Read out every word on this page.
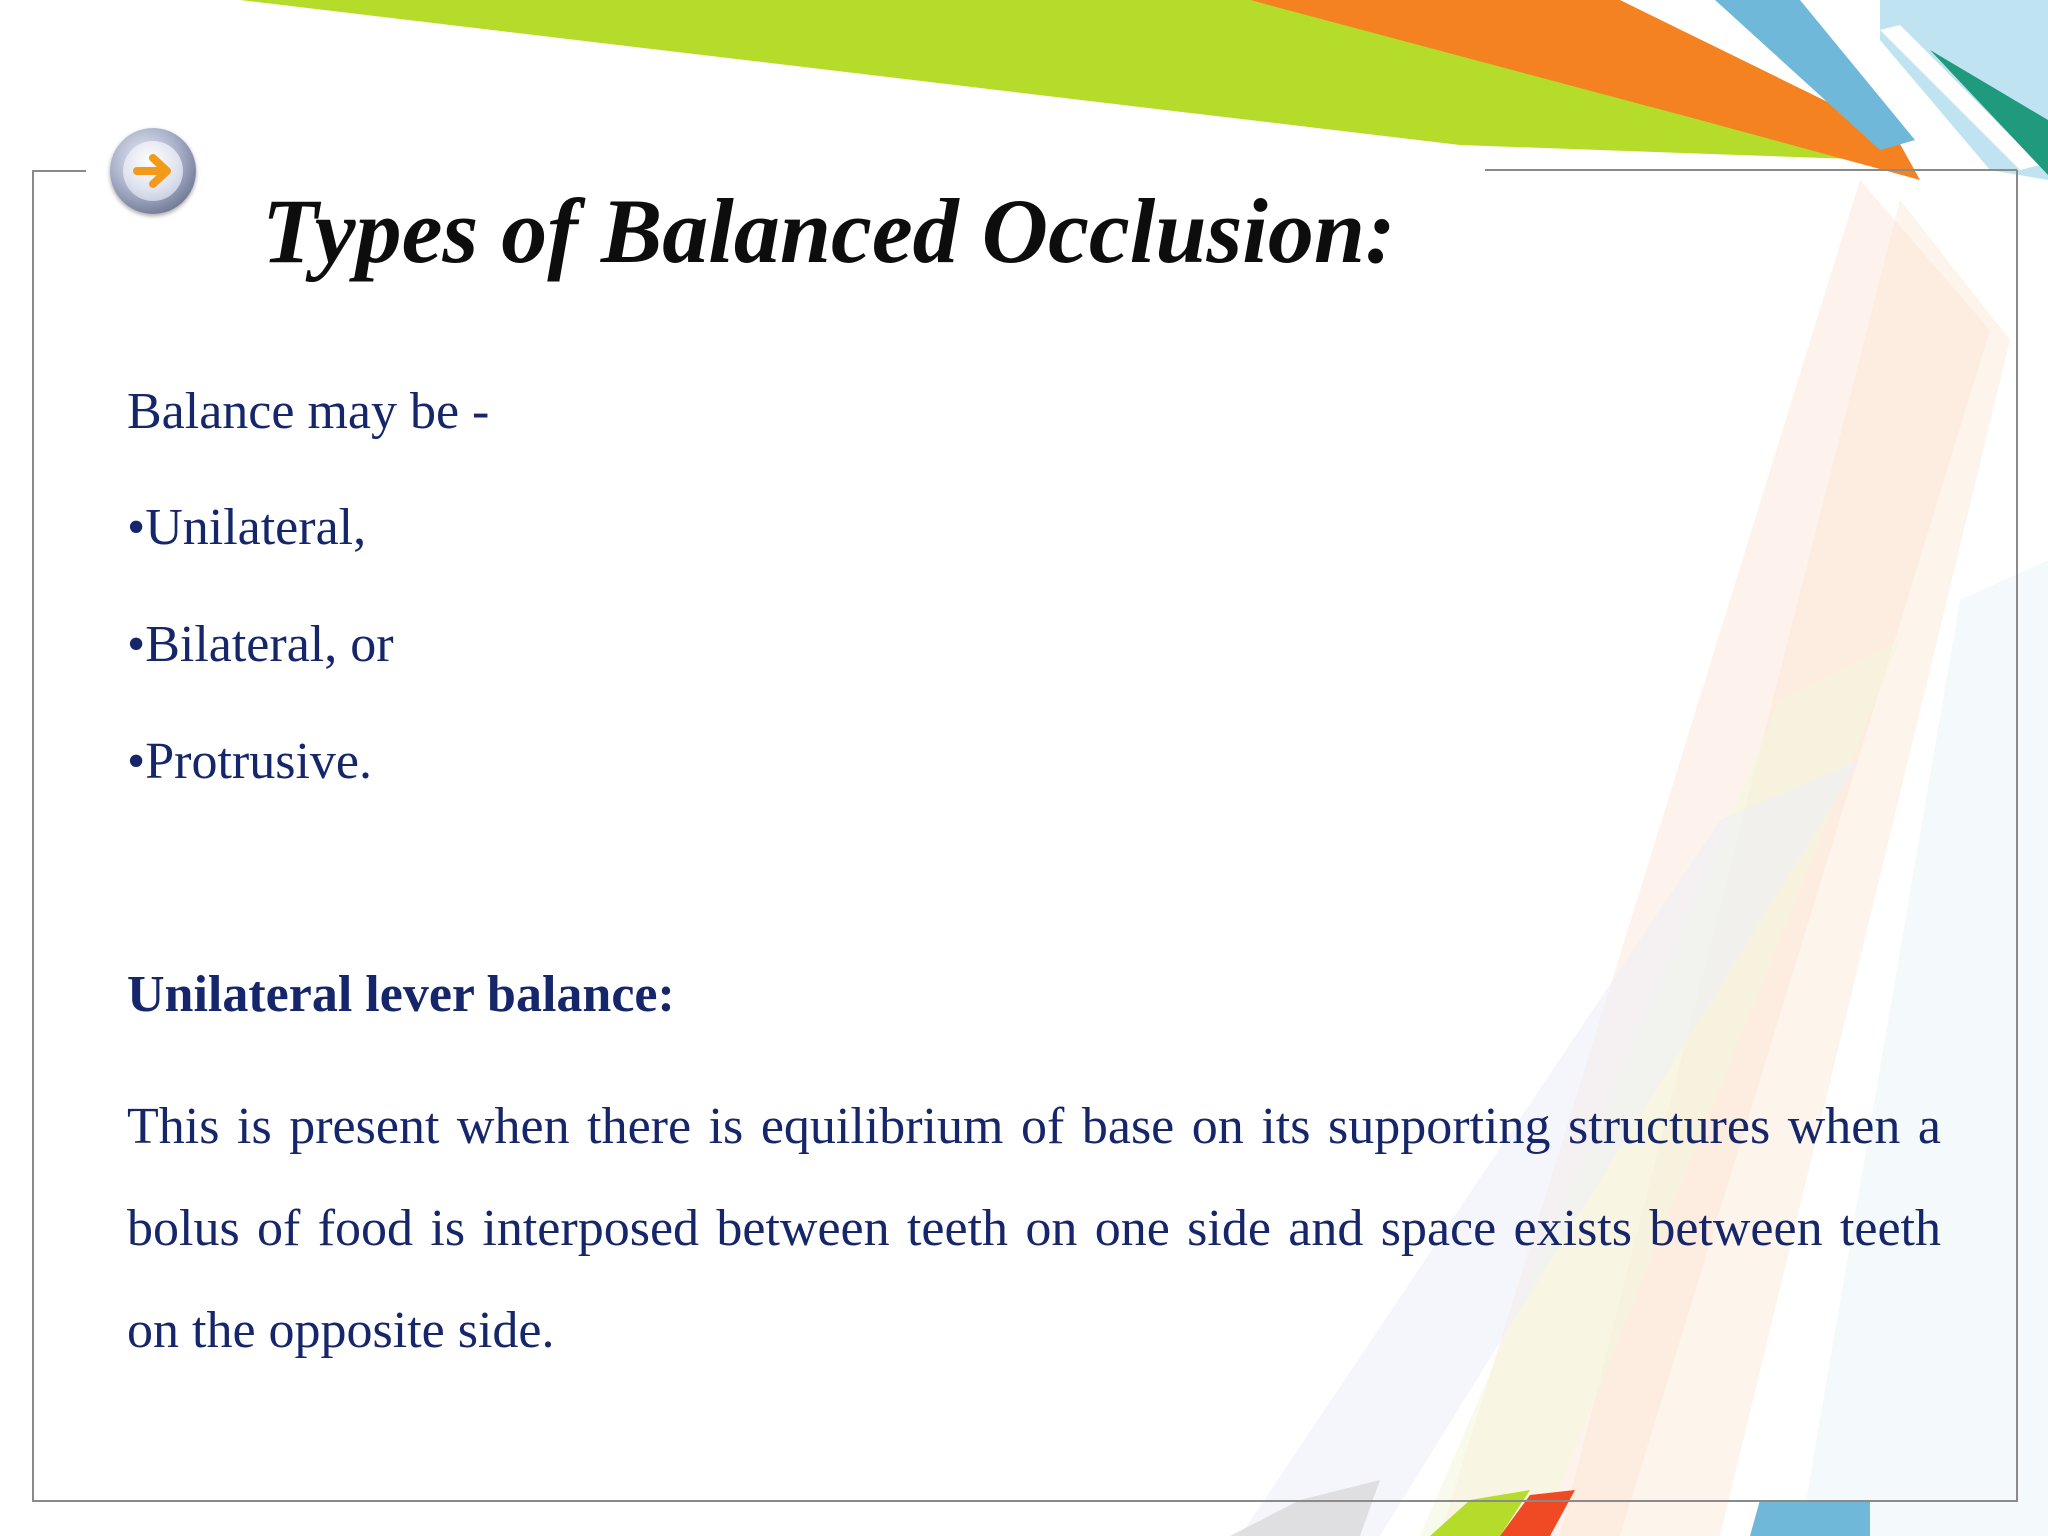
Types of Balanced Occlusion:

Balance may be -

•Unilateral,

•Bilateral, or

•Protrusive.

Unilateral lever balance:

This is present when there is equilibrium of base on its supporting structures when a bolus of food is interposed between teeth on one side and space exists between teeth on the opposite side.
